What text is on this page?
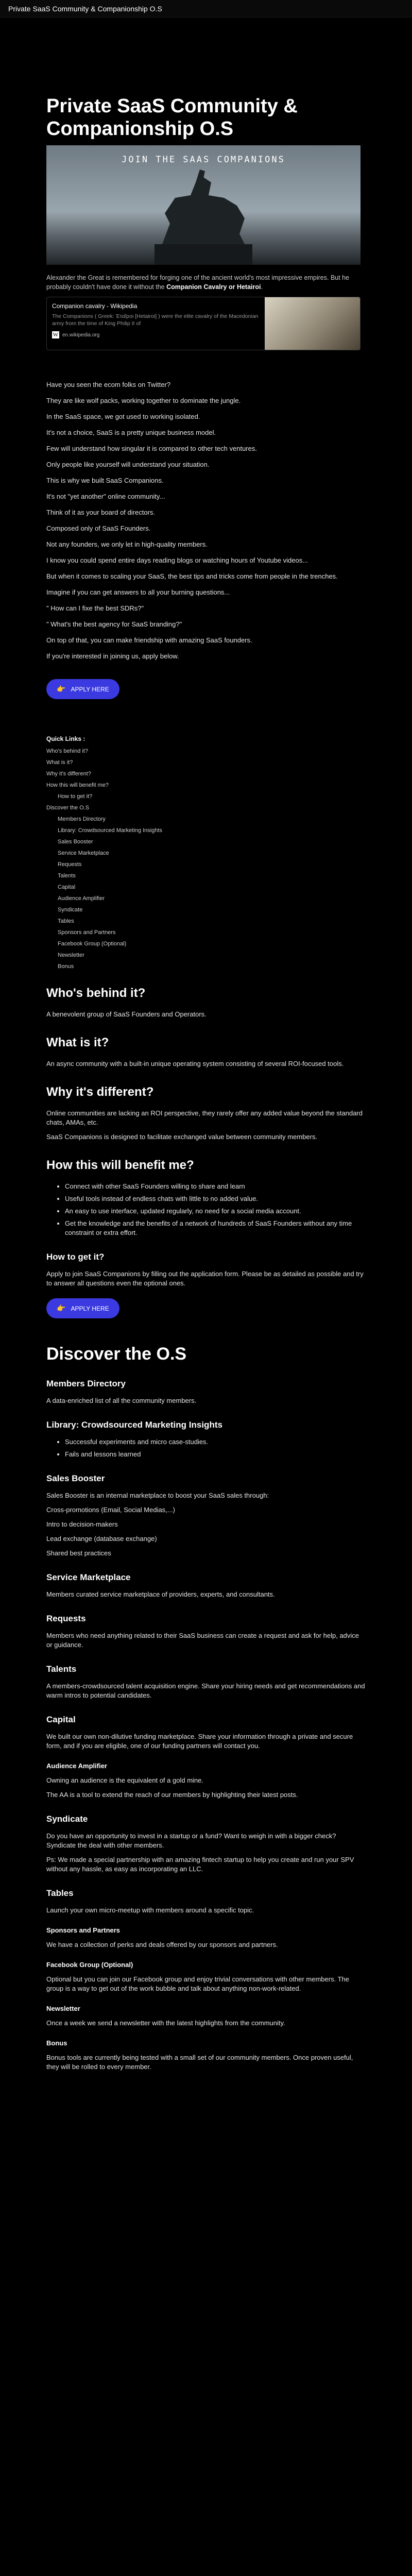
Private SaaS Community & Companionship O.S
Private SaaS Community & Companionship O.S
JOIN THE SAAS COMPANIONS

Alexander the Great is remembered for forging one of the ancient world's most impressive empires. But he probably couldn't have done it without the Companion Cavalry or Hetairoi.

Companion cavalry - Wikipedia
The Companions ( Greek: Ἑταῖροι [Hetairoi] ) were the elite cavalry of the Macedonian army from the time of King Philip II of
W en.wikipedia.org

Have you seen the ecom folks on Twitter?

They are like wolf packs, working together to dominate the jungle.

In the SaaS space, we got used to working isolated.

It's not a choice, SaaS is a pretty unique business model.

Few will understand how singular it is compared to other tech ventures.

Only people like yourself will understand your situation.

This is why we built SaaS Companions.

It's not "yet another" online community...

Think of it as your board of directors.

Composed only of SaaS Founders.

Not any founders, we only let in high-quality members.

I know you could spend entire days reading blogs or watching hours of Youtube videos...

But when it comes to scaling your SaaS, the best tips and tricks come from people in the trenches.

Imagine if you can get answers to all your burning questions...

" How can I fixe the best SDRs?"

" What's the best agency for SaaS branding?"

On top of that, you can make friendship with amazing SaaS founders.

If you're interested in joining us, apply below.

👉 APPLY HERE
Quick Links :
Who's behind it?
What is it?
Why it's different?
How this will benefit me?
How to get it?
Discover the O.S
Members Directory
Library: Crowdsourced Marketing Insights
Sales Booster
Service Marketplace
Requests
Talents
Capital
Audience Amplifier
Syndicate
Tables
Sponsors and Partners
Facebook Group (Optional)
Newsletter
Bonus
Who's behind it?

A benevolent group of SaaS Founders and Operators.

What is it?

An async community with a built-in unique operating system consisting of several ROI-focused tools.

Why it's different?

Online communities are lacking an ROI perspective, they rarely offer any added value beyond the standard chats, AMAs, etc.

SaaS Companions is designed to facilitate exchanged value between community members.

How this will benefit me?
• Connect with other SaaS Founders willing to share and learn
• Useful tools instead of endless chats with little to no added value.
• An easy to use interface, updated regularly, no need for a social media account.
• Get the knowledge and the benefits of a network of hundreds of SaaS Founders without any time constraint or extra effort.
How to get it?

Apply to join SaaS Companions by filling out the application form. Please be as detailed as possible and try to answer all questions even the optional ones.

👉 APPLY HERE
Discover the O.S
Members Directory

A data-enriched list of all the community members.

Library: Crowdsourced Marketing Insights
• Successful experiments and micro case-studies.
• Fails and lessons learned
Sales Booster

Sales Booster is an internal marketplace to boost your SaaS sales through:

Cross-promotions (Email, Social Medias,...)

Intro to decision-makers

Lead exchange (database exchange)

Shared best practices

Service Marketplace

Members curated service marketplace of providers, experts, and consultants.

Requests

Members who need anything related to their SaaS business can create a request and ask for help, advice or guidance.

Talents

A members-crowdsourced talent acquisition engine. Share your hiring needs and get recommendations and warm intros to potential candidates.

Capital

We built our own non-dilutive funding marketplace. Share your information through a private and secure form, and if you are eligible, one of our funding partners will contact you.

Audience Amplifier

Owning an audience is the equivalent of a gold mine.

The AA is a tool to extend the reach of our members by highlighting their latest posts.

Syndicate

Do you have an opportunity to invest in a startup or a fund? Want to weigh in with a bigger check? Syndicate the deal with other members.

Ps: We made a special partnership with an amazing fintech startup to help you create and run your SPV without any hassle, as easy as incorporating an LLC.

Tables

Launch your own micro-meetup with members around a specific topic.

Sponsors and Partners

We have a collection of perks and deals offered by our sponsors and partners.

Facebook Group (Optional)

Optional but you can join our Facebook group and enjoy trivial conversations with other members. The group is a way to get out of the work bubble and talk about anything non-work-related.

Newsletter

Once a week we send a newsletter with the latest highlights from the community.

Bonus

Bonus tools are currently being tested with a small set of our community members. Once proven useful, they will be rolled to every member.
